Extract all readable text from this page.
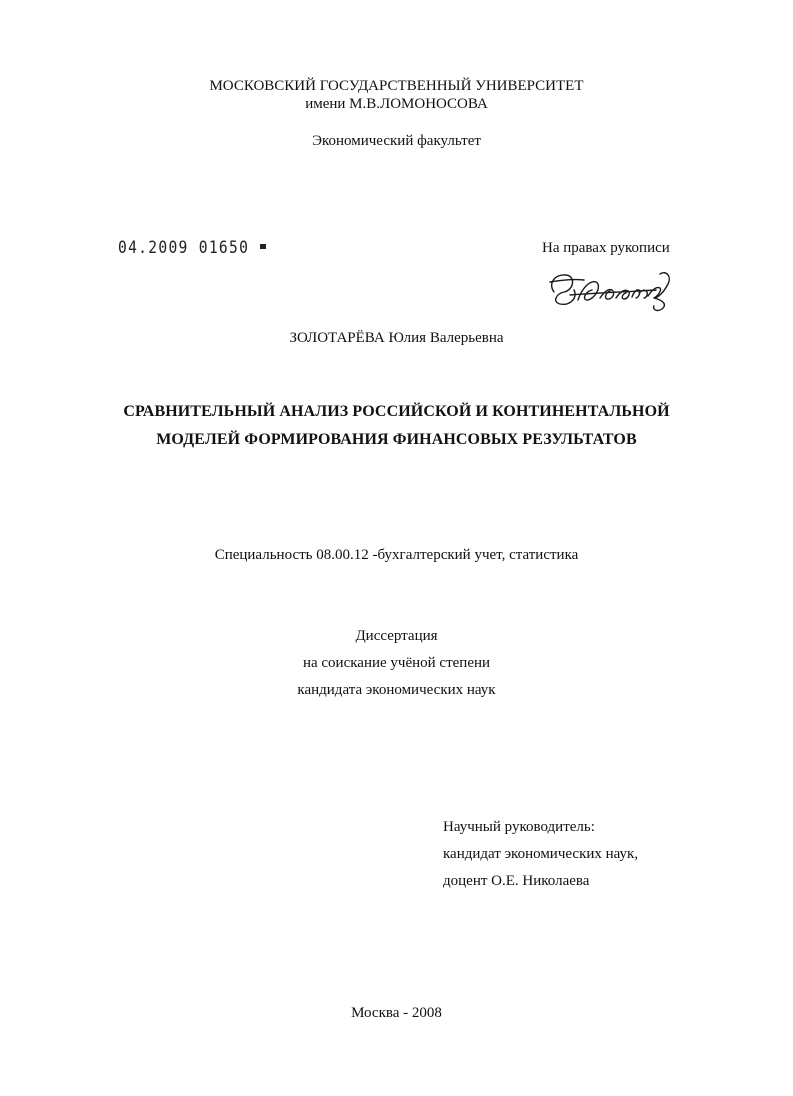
МОСКОВСКИЙ ГОСУДАРСТВЕННЫЙ УНИВЕРСИТЕТ
имени М.В.ЛОМОНОСОВА
Экономический факультет
04.2009 01650	На правах рукописи
ЗОЛОТАРЁВА Юлия Валерьевна
СРАВНИТЕЛЬНЫЙ АНАЛИЗ РОССИЙСКОЙ И КОНТИНЕНТАЛЬНОЙ
МОДЕЛЕЙ ФОРМИРОВАНИЯ ФИНАНСОВЫХ РЕЗУЛЬТАТОВ
Специальность 08.00.12 -бухгалтерский учет, статистика
Диссертация
на соискание учёной степени
кандидата экономических наук
Научный руководитель:
кандидат экономических наук,
доцент О.Е. Николаева
Москва - 2008
